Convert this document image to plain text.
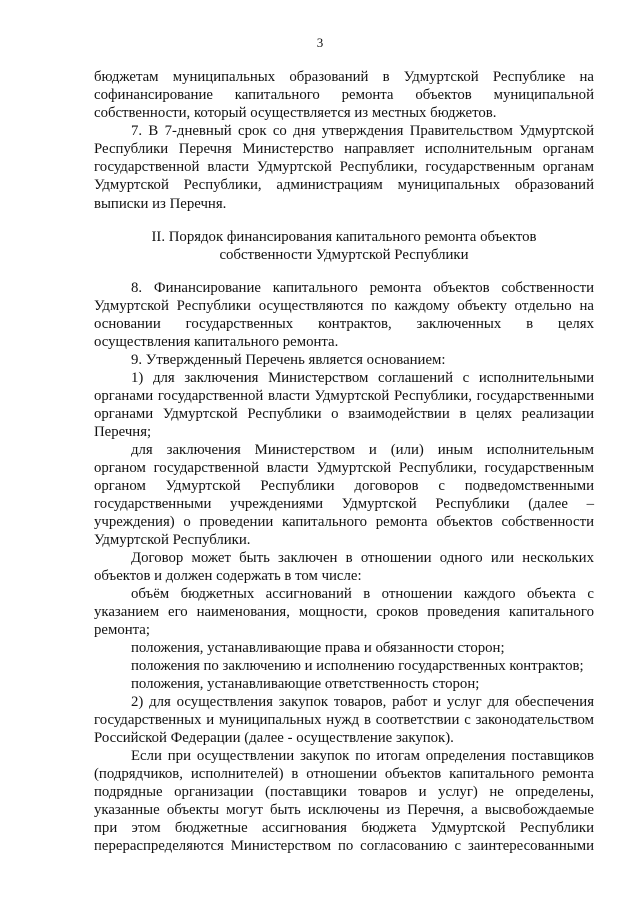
3
бюджетам муниципальных образований в Удмуртской Республике на
софинансирование капитального ремонта объектов муниципальной
собственности, который осуществляется из местных бюджетов.
7. В 7-дневный срок со дня утверждения Правительством Удмуртской
Республики Перечня Министерство направляет исполнительным органам
государственной власти Удмуртской Республики, государственным органам
Удмуртской Республики, администрациям муниципальных образований
выписки из Перечня.
II. Порядок финансирования капитального ремонта объектов
собственности Удмуртской Республики
8. Финансирование капитального ремонта объектов собственности
Удмуртской Республики осуществляются по каждому объекту отдельно на
основании государственных контрактов, заключенных в целях
осуществления капитального ремонта.
9. Утвержденный Перечень является основанием:
1) для заключения Министерством соглашений с исполнительными
органами государственной власти Удмуртской Республики, государственными
органами Удмуртской Республики о взаимодействии в целях реализации
Перечня;
для заключения Министерством и (или) иным исполнительным
органом государственной власти Удмуртской Республики, государственным
органом Удмуртской Республики договоров с подведомственными
государственными учреждениями Удмуртской Республики (далее –
учреждения) о проведении капитального ремонта объектов собственности
Удмуртской Республики.
Договор может быть заключен в отношении одного или нескольких
объектов и должен содержать в том числе:
объём бюджетных ассигнований в отношении каждого объекта с
указанием его наименования, мощности, сроков проведения капитального
ремонта;
положения, устанавливающие права и обязанности сторон;
положения по заключению и исполнению государственных контрактов;
положения, устанавливающие ответственность сторон;
2) для осуществления закупок товаров, работ и услуг для обеспечения
государственных и муниципальных нужд в соответствии с законодательством
Российской Федерации (далее - осуществление закупок).
Если при осуществлении закупок по итогам определения поставщиков
(подрядчиков, исполнителей) в отношении объектов капитального ремонта
подрядные организации (поставщики товаров и услуг) не определены,
указанные объекты могут быть исключены из Перечня, а высвобождаемые
при этом бюджетные ассигнования бюджета Удмуртской Республики
перераспределяются Министерством по согласованию с заинтересованными
